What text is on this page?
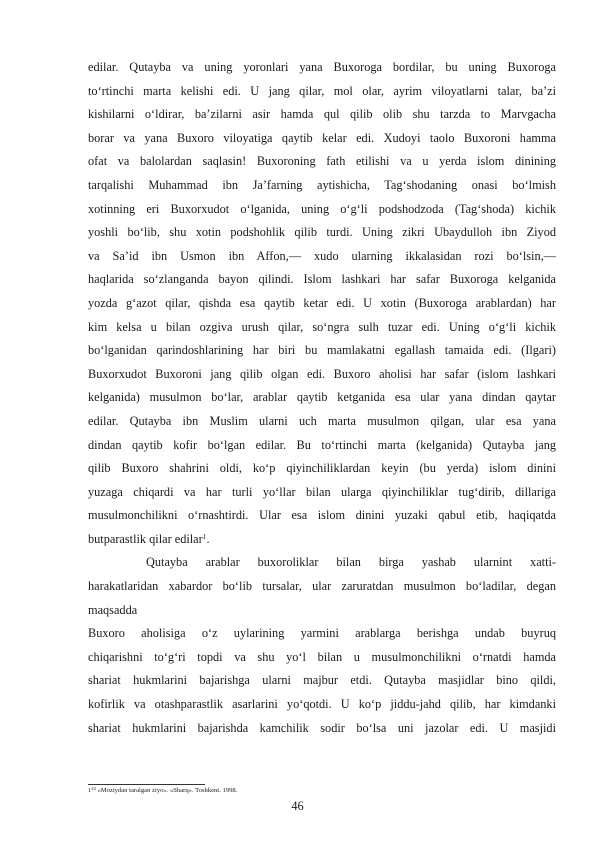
edilar. Qutayba va uning yoronlari yana Buxoroga bordilar, bu uning Buxoroga
to‘rtinchi marta kelishi edi. U jang qilar, mol olar, ayrim viloyatlarni talar, ba’zi
kishilarni o‘ldirar, ba’zilarni asir hamda qul qilib olib shu tarzda to Marvgacha
borar va yana Buxoro viloyatiga qaytib kelar edi. Xudoyi taolo Buxoroni hamma
ofat va balolardan saqlasin! Buxoroning fath etilishi va u yerda islom dinining
tarqalishi Muhammad ibn Ja’farning aytishicha, Tag‘shodaning onasi bo‘lmish
xotinning eri Buxorxudot o‘lganida, uning o‘g‘li podshodzoda (Tag‘shoda) kichik
yoshli bo‘lib, shu xotin podshohlik qilib turdi. Uning zikri Ubaydulloh ibn Ziyod
va Sa’id ibn Usmon ibn Affon,— xudo ularning ikkalasidan rozi bo‘lsin,—
haqlarida so‘zlanganda bayon qilindi. Islom lashkari har safar Buxoroga kelganida
yozda g‘azot qilar, qishda esa qaytib ketar edi. U xotin (Buxoroga arablardan) har
kim kelsa u bilan ozgiva urush qilar, so‘ngra sulh tuzar edi. Uning o‘g‘li kichik
bo‘lganidan qarindoshlarining har biri bu mamlakatni egallash tamaida edi. (Ilgari)
Buxorxudot Buxoroni jang qilib olgan edi. Buxoro aholisi har safar (islom lashkari
kelganida) musulmon bo‘lar, arablar qaytib ketganida esa ular yana dindan qaytar
edilar. Qutayba ibn Muslim ularni uch marta musulmon qilgan, ular esa yana
dindan qaytib kofir bo‘lgan edilar. Bu to‘rtinchi marta (kelganida) Qutayba jang
qilib Buxoro shahrini oldi, ko‘p qiyinchiliklardan keyin (bu yerda) islom dinini
yuzaga chiqardi va har turli yo‘llar bilan ularga qiyinchiliklar tug‘dirib, dillariga
musulmonchilikni o‘rnashtirdi. Ular esa islom dinini yuzaki qabul etib, haqiqatda
butparastlik qilar edilar$^1$.
Qutayba arablar buxoroliklar bilan birga yashab ularnint xatti-
harakatlaridan xabardor bo‘lib tursalar, ular zaruratdan musulmon bo‘ladilar, degan
maqsadda
Buxoro aholisiga o‘z uylarining yarmini arablarga berishga undab buyruq
chiqarishni to‘g‘ri topdi va shu yo‘l bilan u musulmonchilikni o‘rnatdi hamda
shariat hukmlarini bajarishga ularni majbur etdi. Qutayba masjidlar bino qildi,
kofirlik va otashparastlik asarlarini yo‘qotdi. U ko‘p jiddu-jahd qilib, har kimdanki
shariat hukmlarini bajarishda kamchilik sodir bo‘lsa uni jazolar edi. U masjidi
$1^{24}$ «Moziydan taralgan ziyo». «Sharq». Toshkent. 1998.
46
